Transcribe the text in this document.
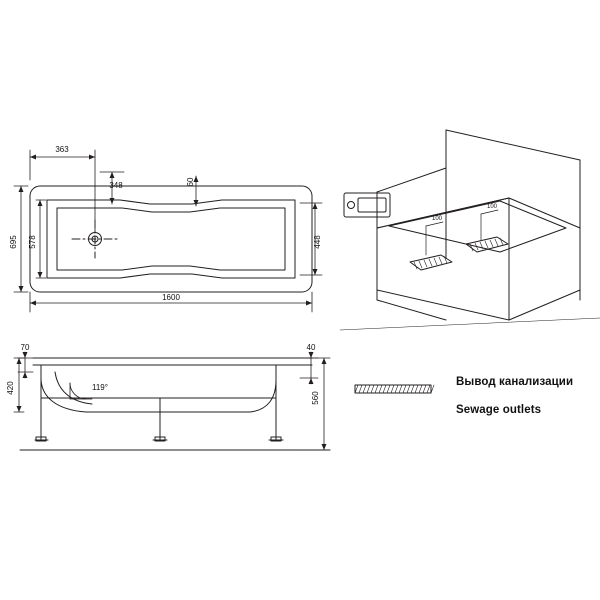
363
348	60
1600
695 578	448
70
420	119°
40
560
100
100
Вывод канализации
Sewage outlets
